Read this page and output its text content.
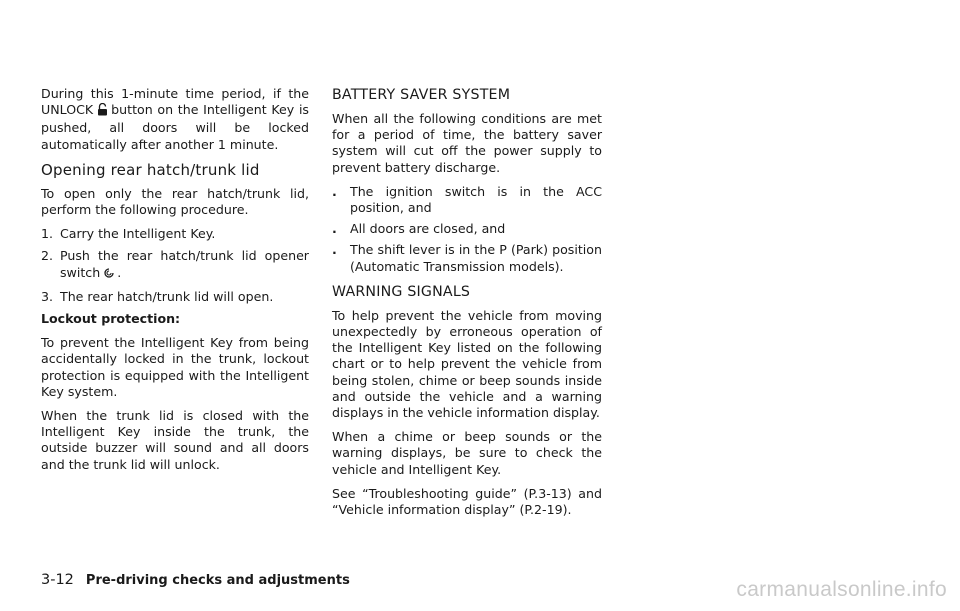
During this 1-minute time period, if the UNLOCK button on the Intelligent Key is pushed, all doors will be locked automatically after another 1 minute.

Opening rear hatch/trunk lid

To open only the rear hatch/trunk lid, perform the following procedure.

1. Carry the Intelligent Key.
2. Push the rear hatch/trunk lid opener switch .
3. The rear hatch/trunk lid will open.

Lockout protection:

To prevent the Intelligent Key from being accidentally locked in the trunk, lockout protection is equipped with the Intelligent Key system.

When the trunk lid is closed with the Intelligent Key inside the trunk, the outside buzzer will sound and all doors and the trunk lid will unlock.

BATTERY SAVER SYSTEM

When all the following conditions are met for a period of time, the battery saver system will cut off the power supply to prevent battery discharge.

.	The ignition switch is in the ACC position, and
.	All doors are closed, and
.	The shift lever is in the P (Park) position (Automatic Transmission models).
WARNING SIGNALS

To help prevent the vehicle from moving unexpectedly by erroneous operation of the Intelligent Key listed on the following chart or to help prevent the vehicle from being stolen, chime or beep sounds inside and outside the vehicle and a warning displays in the vehicle information display.

When a chime or beep sounds or the warning displays, be sure to check the vehicle and Intelligent Key.

See “Troubleshooting guide” (P.3-13) and “Vehicle information display” (P.2-19).

3-12 Pre-driving checks and adjustments	carmanualsonline.info
